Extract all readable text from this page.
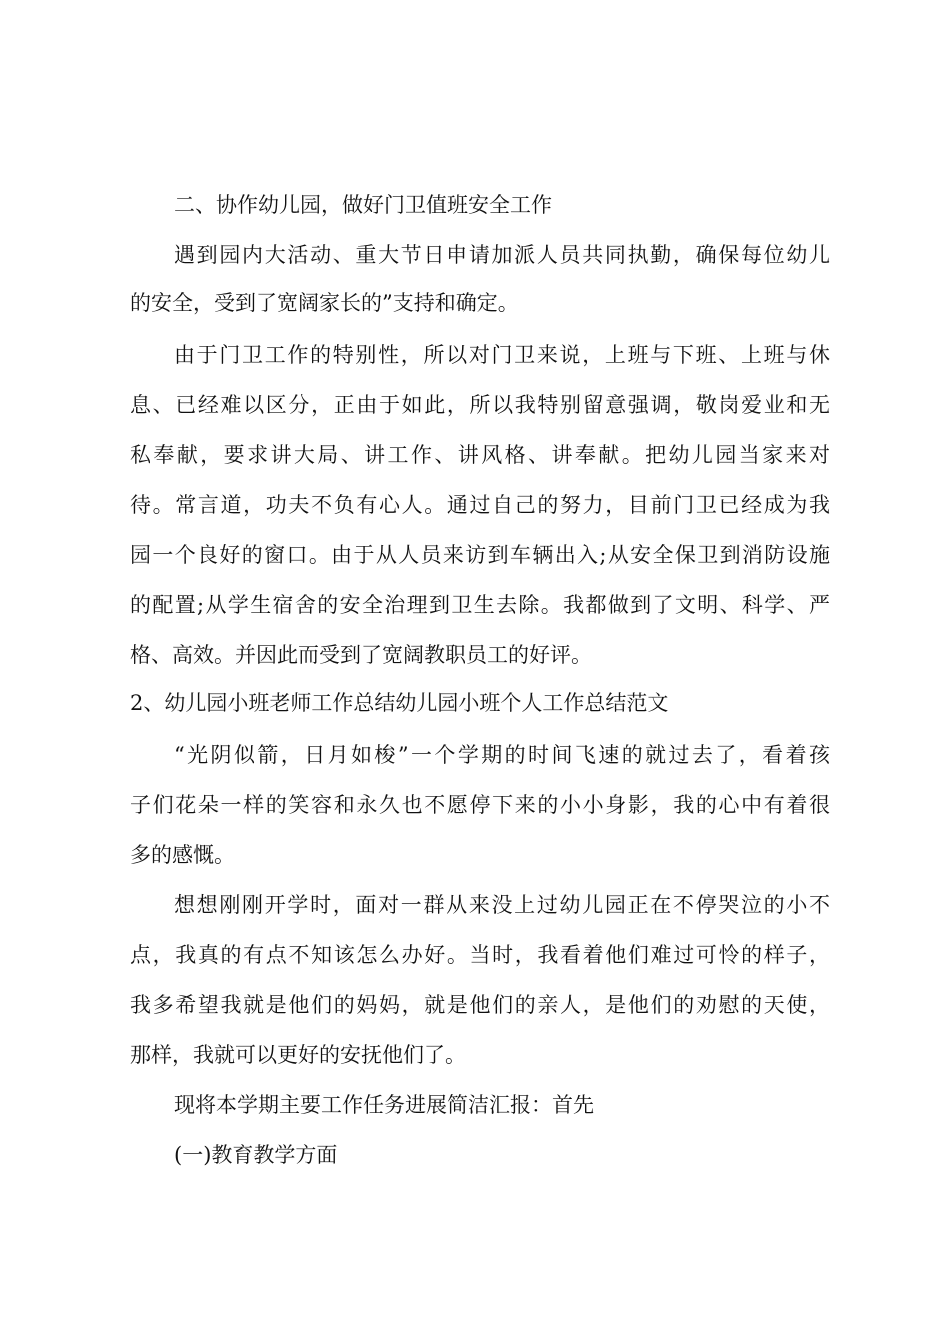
二、协作幼儿园，做好门卫值班安全工作
遇到园内大活动、重大节日申请加派人员共同执勤，确保每位幼儿
的安全，受到了宽阔家长的”支持和确定。
由于门卫工作的特别性，所以对门卫来说，上班与下班、上班与休
息、已经难以区分，正由于如此，所以我特别留意强调，敬岗爱业和无
私奉献，要求讲大局、讲工作、讲风格、讲奉献。把幼儿园当家来对
待。常言道，功夫不负有心人。通过自己的努力，目前门卫已经成为我
园一个良好的窗口。由于从人员来访到车辆出入;从安全保卫到消防设施
的配置;从学生宿舍的安全治理到卫生去除。我都做到了文明、科学、严
格、高效。并因此而受到了宽阔教职员工的好评。
2、幼儿园小班老师工作总结幼儿园小班个人工作总结范文
“光阴似箭，日月如梭”一个学期的时间飞速的就过去了，看着孩
子们花朵一样的笑容和永久也不愿停下来的小小身影，我的心中有着很
多的感慨。
想想刚刚开学时，面对一群从来没上过幼儿园正在不停哭泣的小不
点，我真的有点不知该怎么办好。当时，我看着他们难过可怜的样子，
我多希望我就是他们的妈妈，就是他们的亲人，是他们的劝慰的天使，
那样，我就可以更好的安抚他们了。
现将本学期主要工作任务进展简洁汇报：首先
(一)教育教学方面
